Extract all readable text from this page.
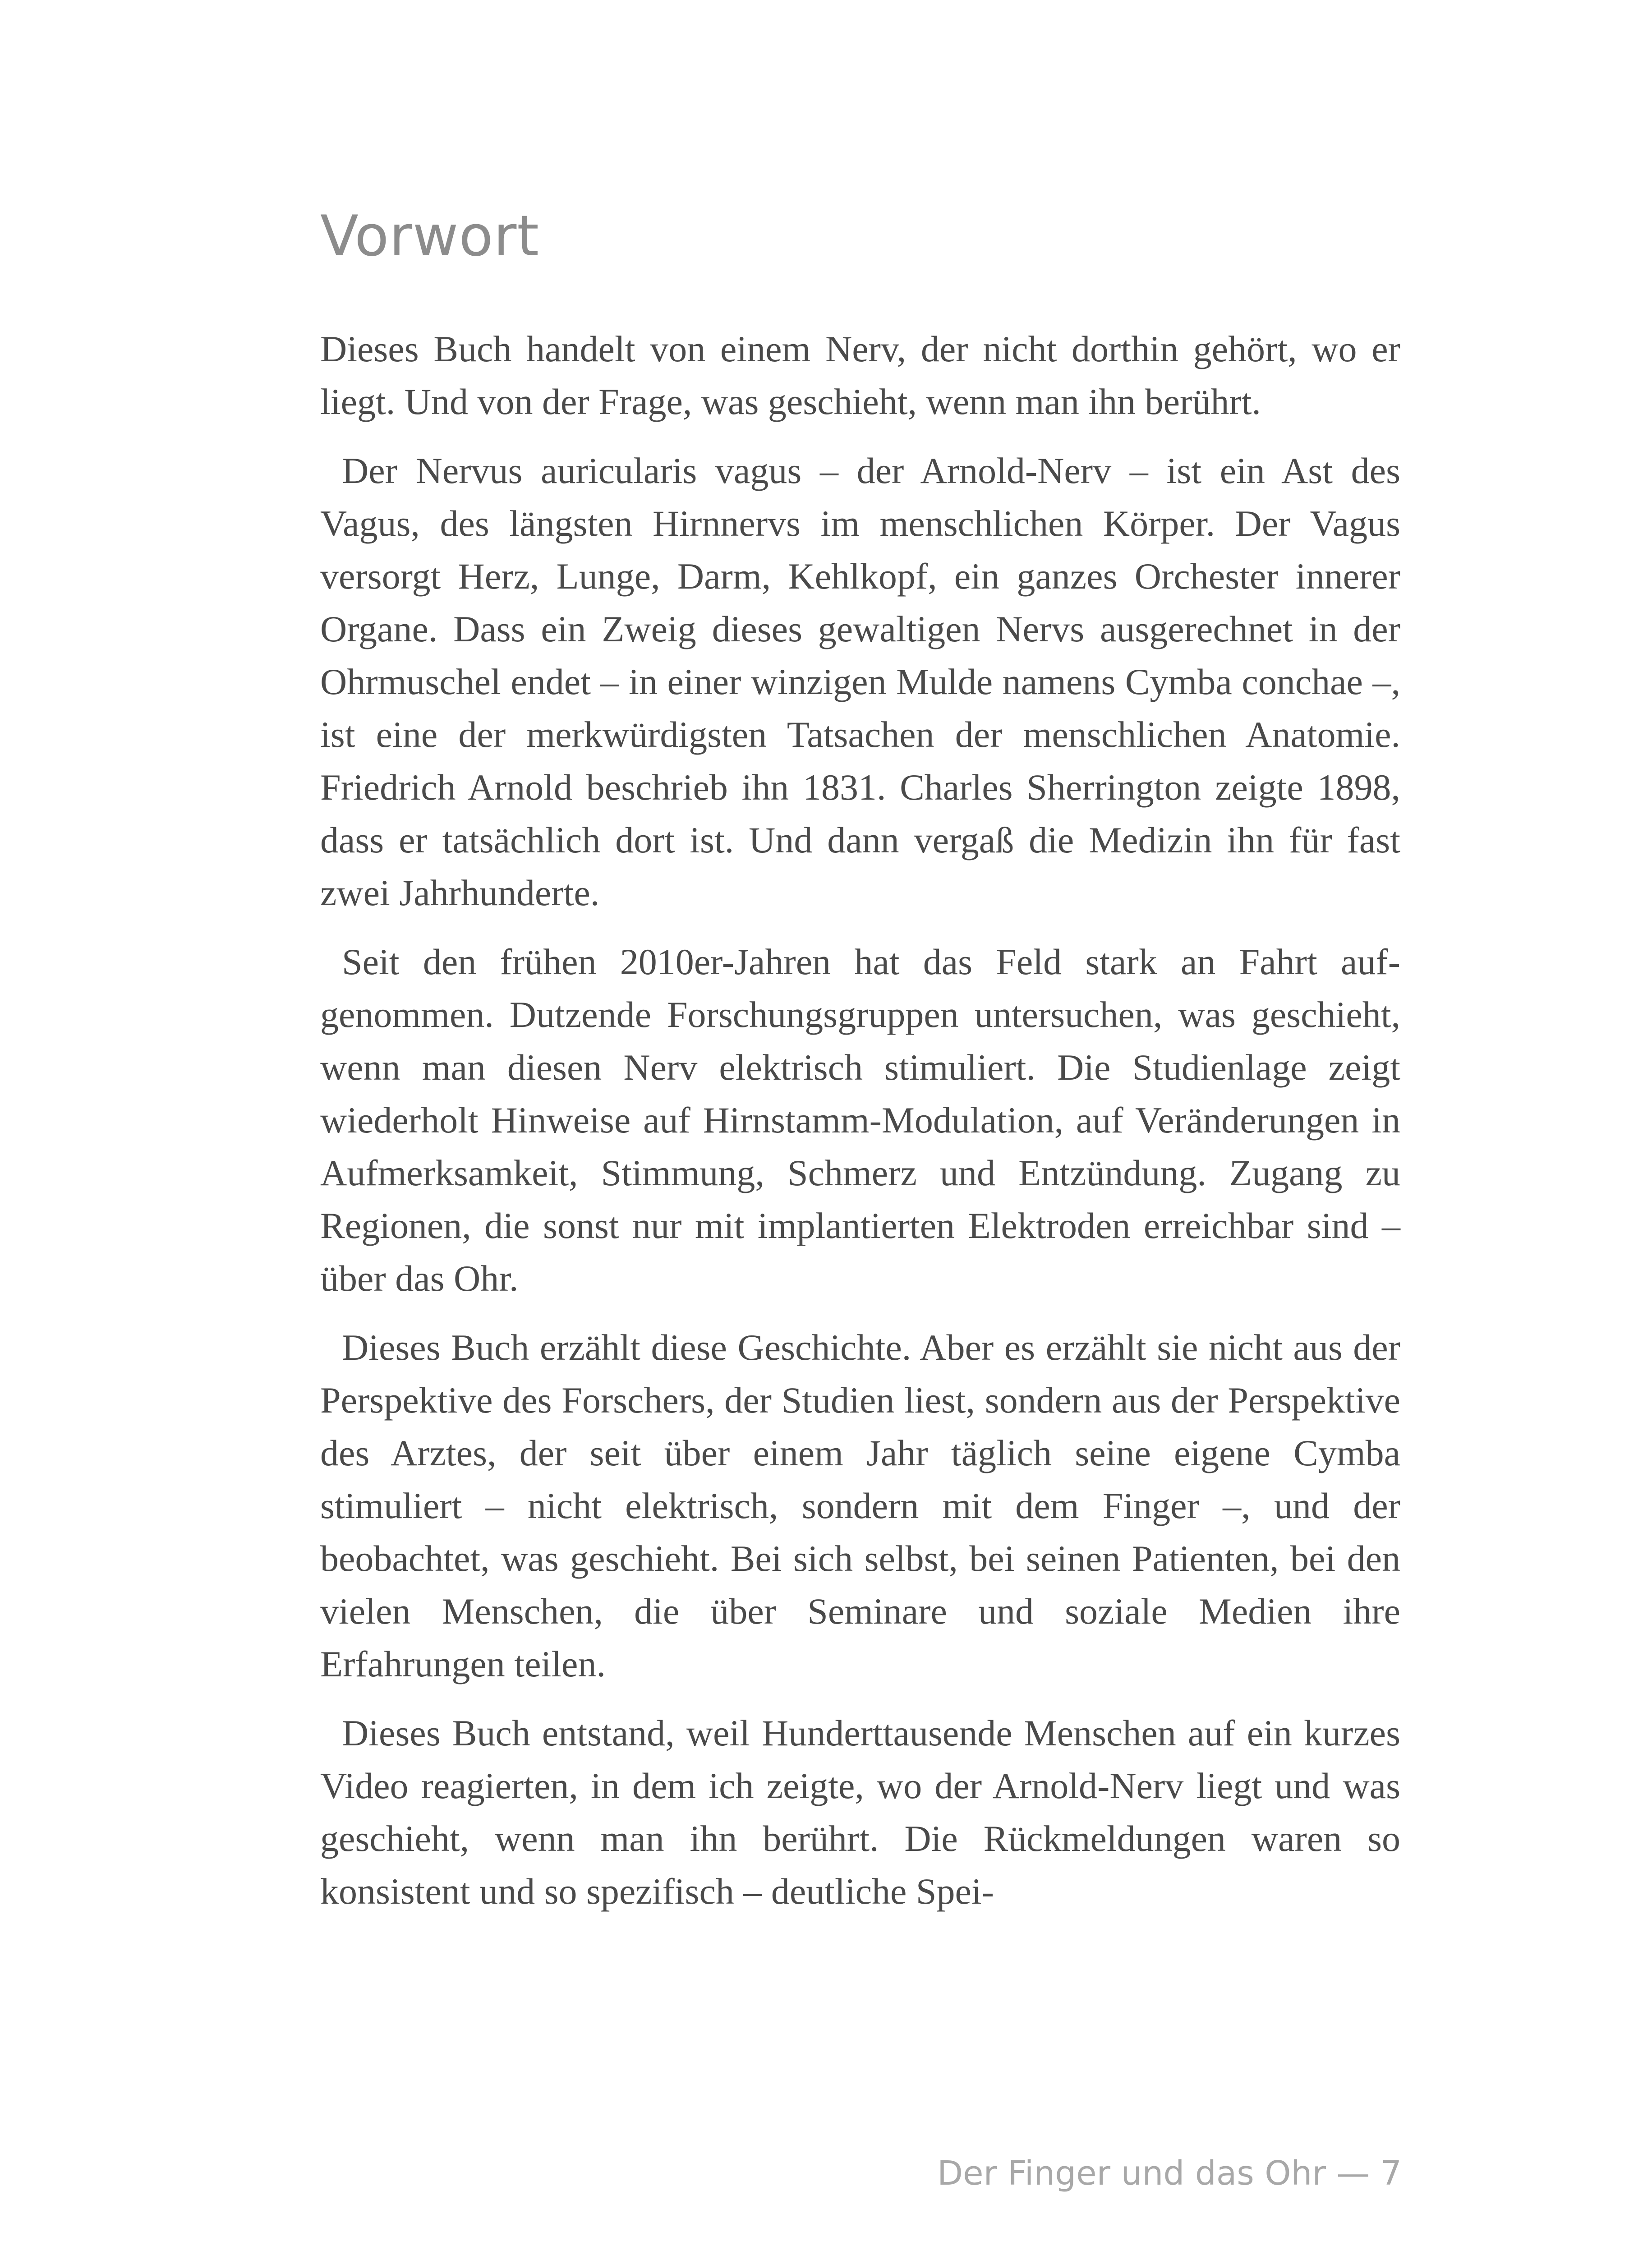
Vorwort

Dieses Buch handelt von einem Nerv, der nicht dorthin gehört, wo er liegt. Und von der Frage, was geschieht, wenn man ihn berührt.

Der Nervus auricularis vagus – der Arnold-Nerv – ist ein Ast des Vagus, des längsten Hirnnervs im menschlichen Körper. Der Vagus versorgt Herz, Lunge, Darm, Kehlkopf, ein ganzes Orchester innerer Organe. Dass ein Zweig dieses gewaltigen Nervs ausgerechnet in der Ohrmuschel endet – in einer winzigen Mulde namens Cymba conchae –, ist eine der merkwürdigsten Tatsachen der menschlichen Anatomie. Friedrich Arnold beschrieb ihn 1831. Charles Sherrington zeigte 1898, dass er tatsächlich dort ist. Und dann vergaß die Medizin ihn für fast zwei Jahrhunderte.

Seit den frühen 2010er-Jahren hat das Feld stark an Fahrt aufgenommen. Dutzende Forschungsgruppen untersuchen, was geschieht, wenn man diesen Nerv elektrisch stimuliert. Die Studienlage zeigt wiederholt Hinweise auf Hirnstamm-Modulation, auf Veränderungen in Aufmerksamkeit, Stimmung, Schmerz und Entzündung. Zugang zu Regionen, die sonst nur mit implantierten Elektroden erreichbar sind – über das Ohr.

Dieses Buch erzählt diese Geschichte. Aber es erzählt sie nicht aus der Perspektive des Forschers, der Studien liest, sondern aus der Perspektive des Arztes, der seit über einem Jahr täglich seine eigene Cymba stimuliert – nicht elektrisch, sondern mit dem Finger –, und der beobachtet, was geschieht. Bei sich selbst, bei seinen Patienten, bei den vielen Menschen, die über Seminare und soziale Medien ihre Erfahrungen teilen.

Dieses Buch entstand, weil Hunderttausende Menschen auf ein kurzes Video reagierten, in dem ich zeigte, wo der Arnold-Nerv liegt und was geschieht, wenn man ihn berührt. Die Rückmeldungen waren so konsistent und so spezifisch – deutliche Spei-

Der Finger und das Ohr — 7
